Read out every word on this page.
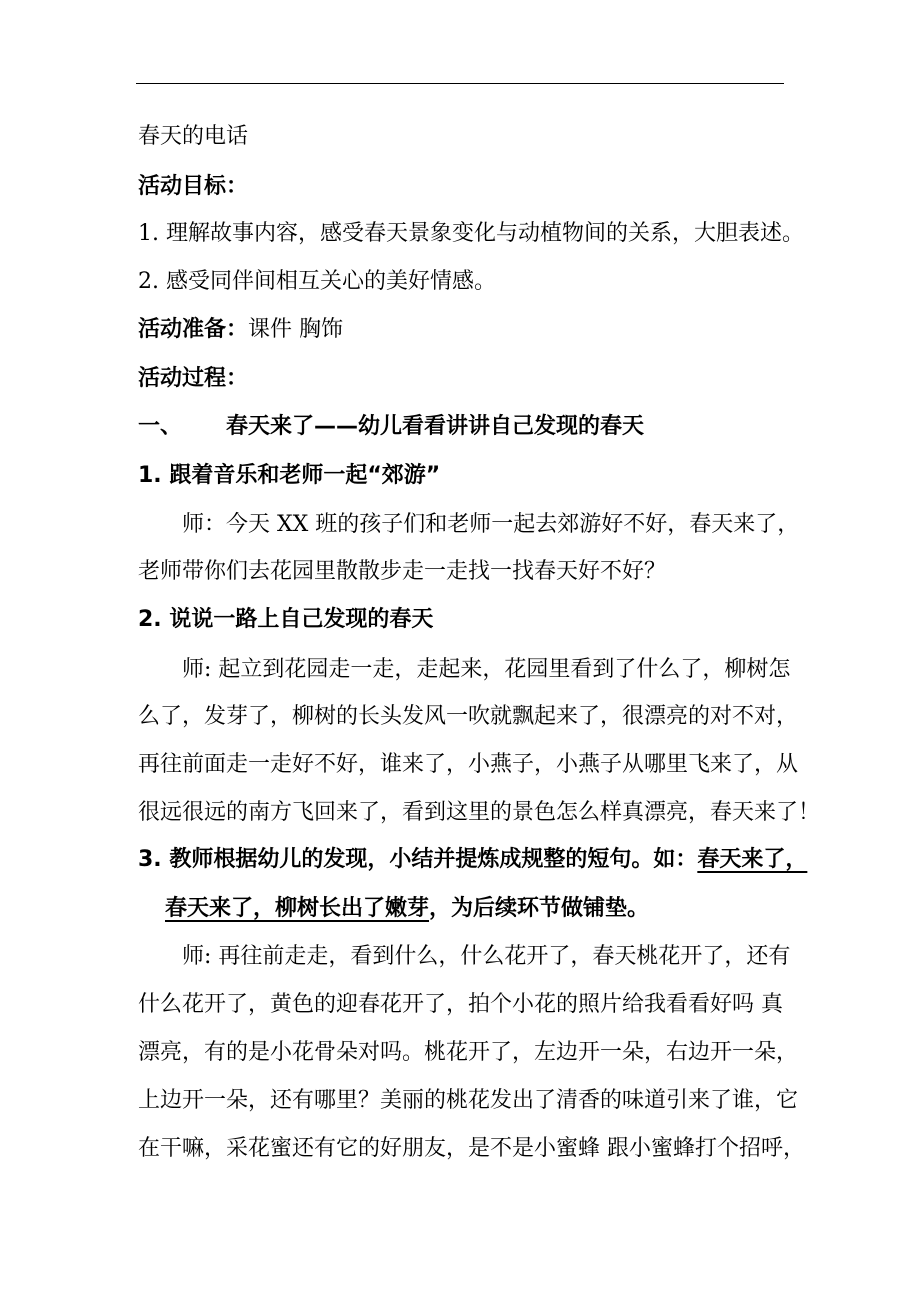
春天的电话
活动目标：
1. 理解故事内容，感受春天景象变化与动植物间的关系，大胆表述。
2. 感受同伴间相互关心的美好情感。
活动准备：课件 胸饰
活动过程：
一、 春天来了——幼儿看看讲讲自己发现的春天
1. 跟着音乐和老师一起“郊游”
师：今天 XX 班的孩子们和老师一起去郊游好不好，春天来了，
老师带你们去花园里散散步走一走找一找春天好不好？
2. 说说一路上自己发现的春天
师: 起立到花园走一走，走起来，花园里看到了什么了，柳树怎
么了，发芽了，柳树的长头发风一吹就飘起来了，很漂亮的对不对，
再往前面走一走好不好，谁来了，小燕子，小燕子从哪里飞来了，从
很远很远的南方飞回来了，看到这里的景色怎么样真漂亮，春天来了！
3. 教师根据幼儿的发现，小结并提炼成规整的短句。如：春天来了，
春天来了，柳树长出了嫩芽，为后续环节做铺垫。
师: 再往前走走，看到什么，什么花开了，春天桃花开了，还有
什么花开了，黄色的迎春花开了，拍个小花的照片给我看看好吗 真
漂亮，有的是小花骨朵对吗。桃花开了，左边开一朵，右边开一朵，
上边开一朵，还有哪里？美丽的桃花发出了清香的味道引来了谁，它
在干嘛，采花蜜还有它的好朋友，是不是小蜜蜂 跟小蜜蜂打个招呼，
